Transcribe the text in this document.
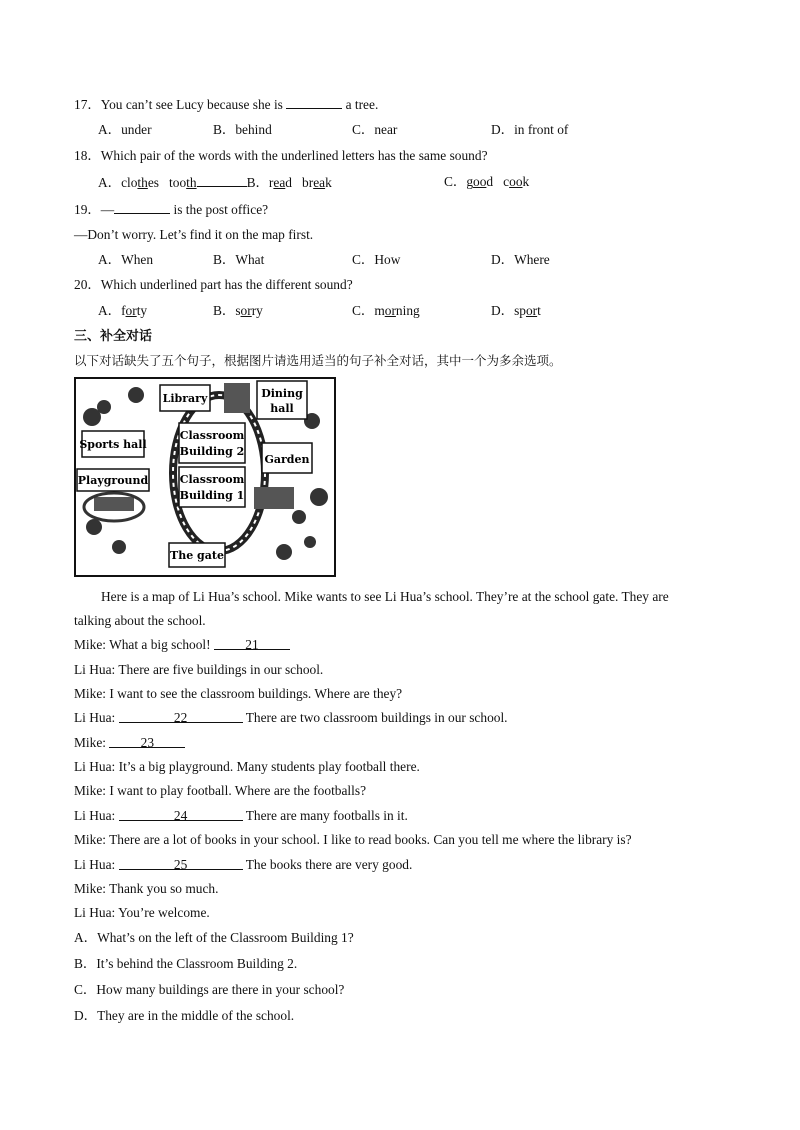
17．You can’t see Lucy because she is	a tree.
A．under	B．behind	C．near	D．in front of
18．Which pair of the words with the underlined letters has the same sound?
A．clothes tooth	B．read break	C．good cook
19．—	is the post office?
—Don’t worry. Let’s find it on the map first.
A．When	B．What	C．How	D．Where
20．Which underlined part has the different sound?
A．forty	B．sorry	C．morning	D．sport
三、补全对话
以下对话缺失了五个句子，根据图片请选用适当的句子补全对话，其中一个为多余选项。
Library	Dining
hall
Sports hall
Classroom
Building 2
Garden
Playground	Classroom
Building 1
The gate
Here is a map of Li Hua’s school. Mike wants to see Li Hua’s school. They’re at the school gate. They are
talking about the school.
Mike: What a big school! 21
Li Hua: There are five buildings in our school.
Mike: I want to see the classroom buildings. Where are they?
Li Hua:	22	There are two classroom buildings in our school.
Mike: 23
Li Hua: It’s a big playground. Many students play football there.
Mike: I want to play football. Where are the footballs?
Li Hua:	24	There are many footballs in it.
Mike: There are a lot of books in your school. I like to read books. Can you tell me where the library is?
Li Hua:	25	The books there are very good.
Mike: Thank you so much.
Li Hua: You’re welcome.
A．What’s on the left of the Classroom Building 1?
B．It’s behind the Classroom Building 2.
C．How many buildings are there in your school?
D．They are in the middle of the school.
